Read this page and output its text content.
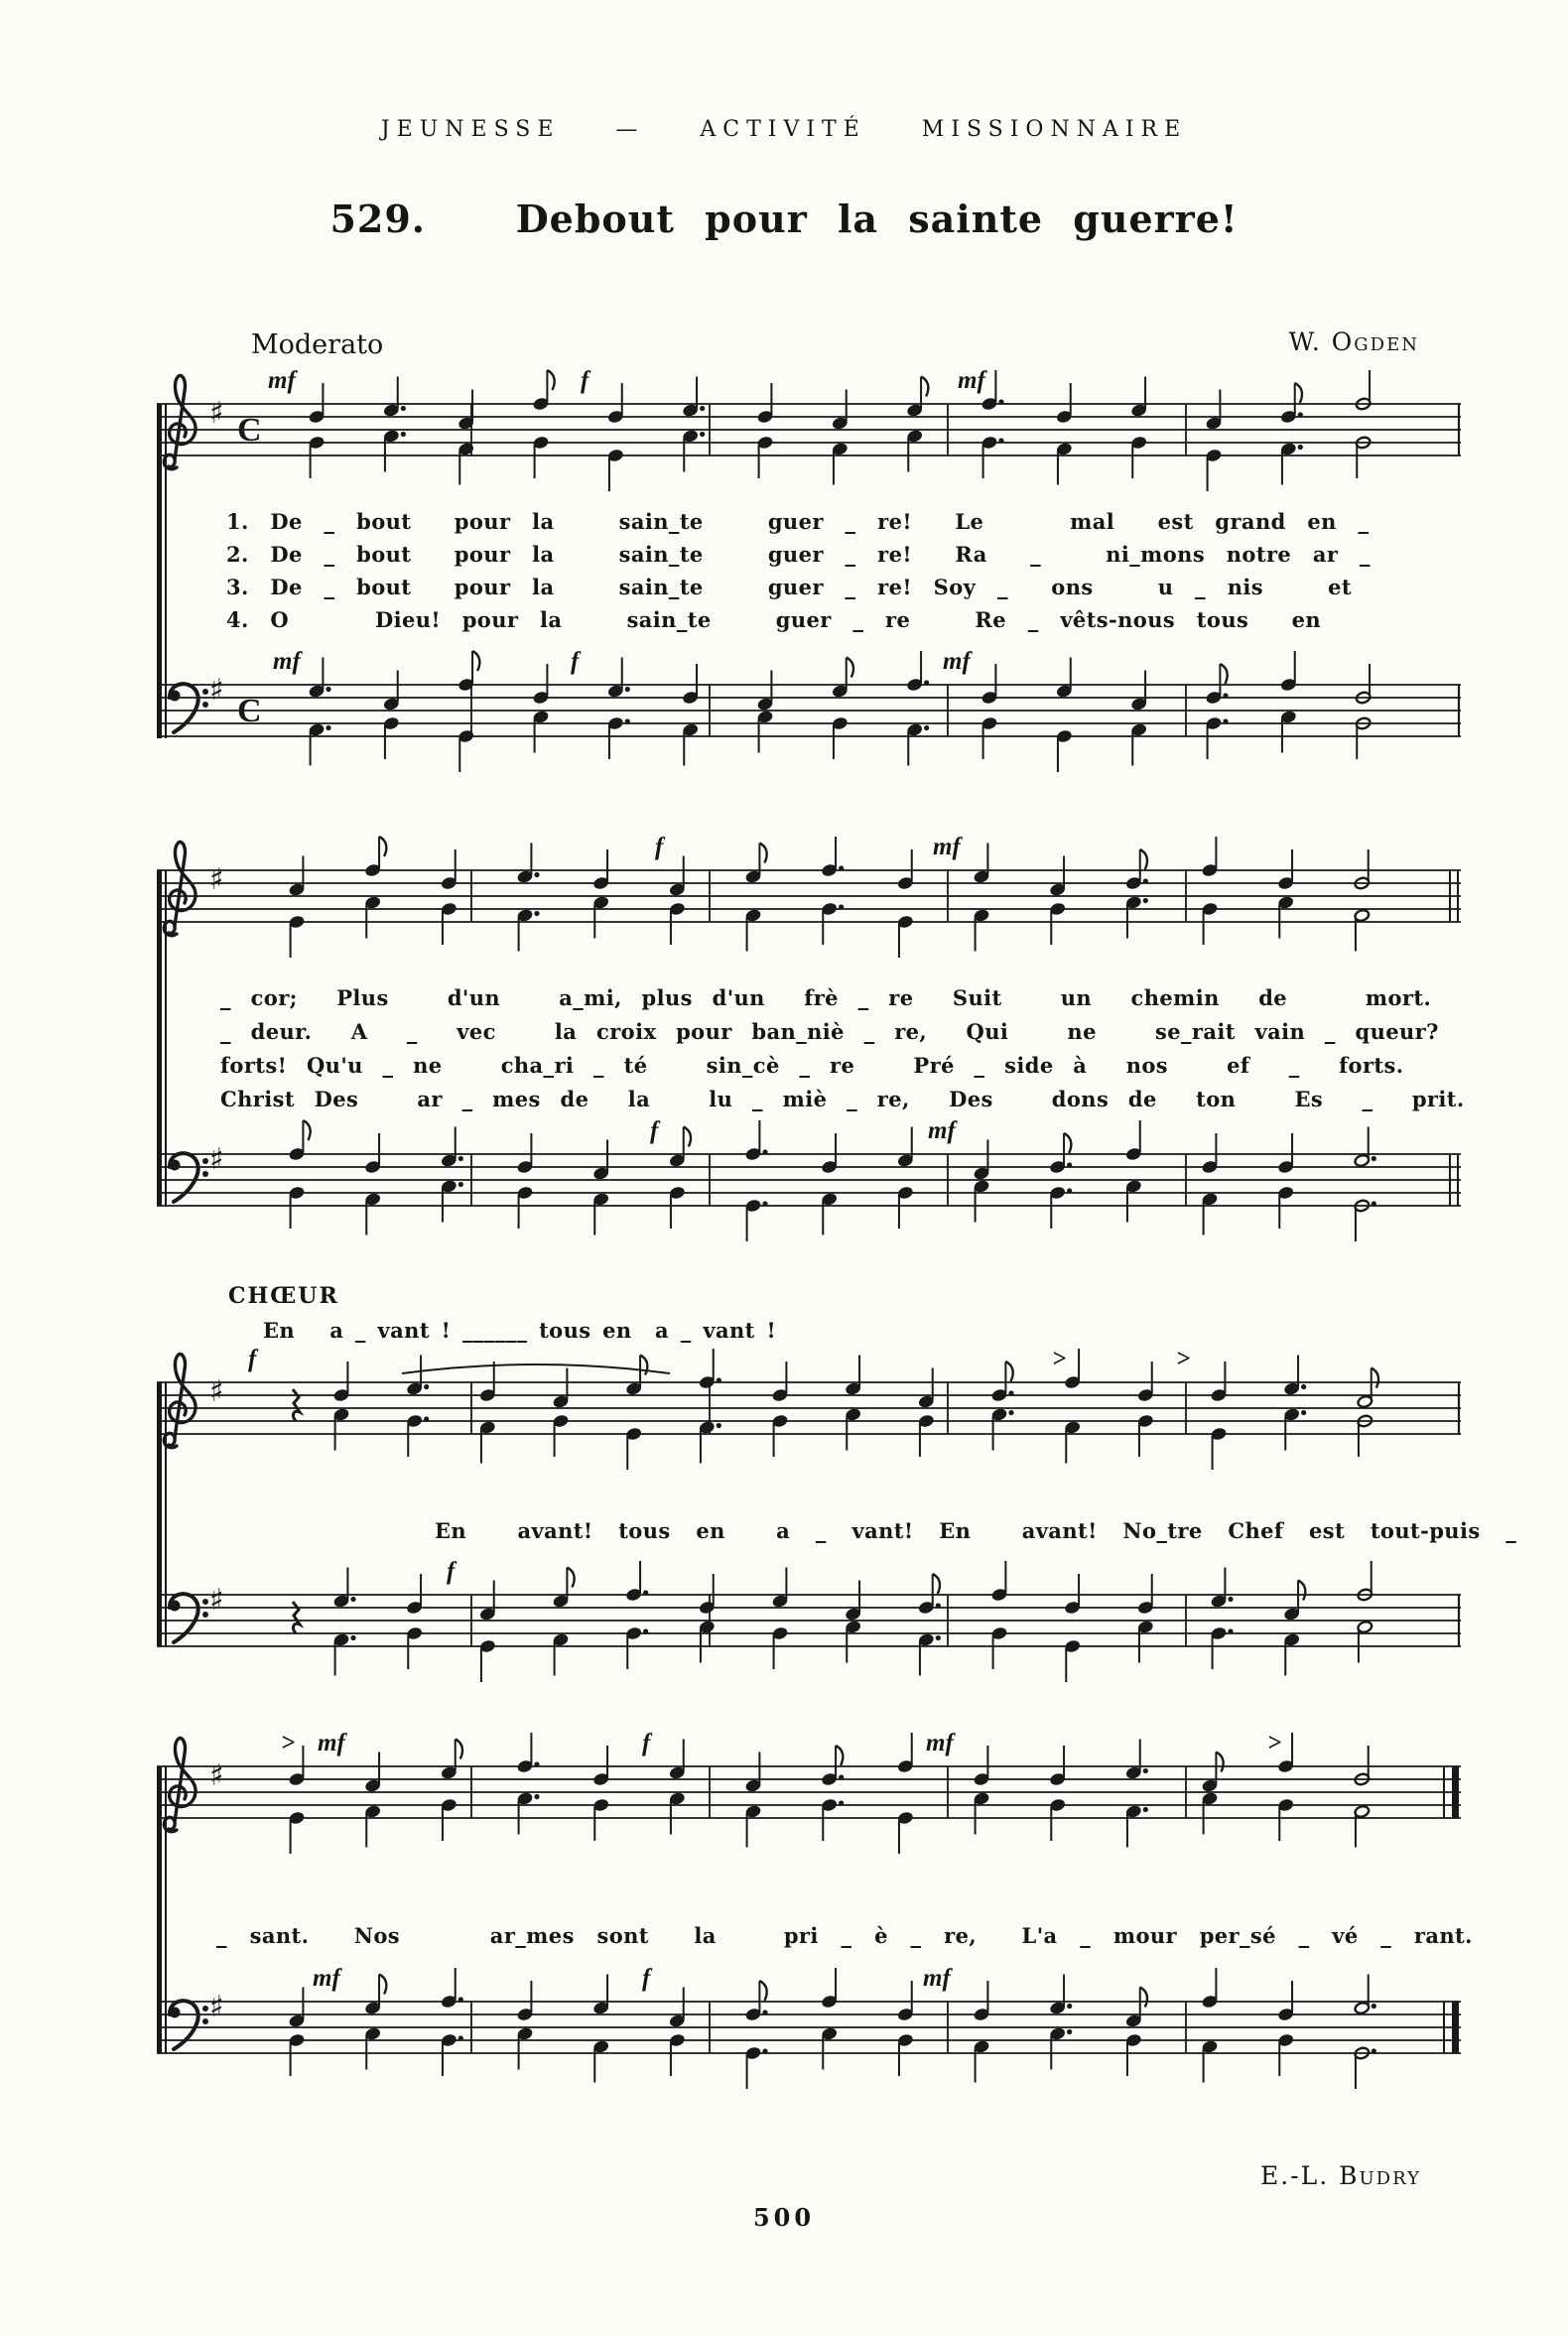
JEUNESSE  —  ACTIVITÉ  MISSIONNAIRE
529. Debout pour la sainte guerre!
Moderato	W. Ogden
mf	f	mf
♯ C
1. De _ bout  pour la   sain_te   guer _ re!  Le    mal  est grand en _
2. De _ bout  pour la   sain_te   guer _ re!  Ra  _   ni_mons notre ar _
3. De _ bout  pour la   sain_te   guer _ re! Soy _  ons   u _ nis   et
4. O    Dieu! pour la   sain_te   guer _ re   Re _ vêts-nous tous  en
mf	f	mf
♯
C
f	mf
♯
_ cor;  Plus   d'un   a_mi, plus d'un  frè _ re  Suit   un  chemin  de    mort.
_ deur.  A  _  vec   la croix pour ban_niè _ re,  Qui   ne   se_rait vain _ queur?
forts! Qu'u _ ne   cha_ri _ té   sin_cè _ re   Pré _ side à  nos   ef  _  forts.
Christ Des   ar _ mes de  la   lu _ miè _ re,  Des   dons de  ton   Es  _  prit.
f	mf
♯
CHŒUR
En   a _ vant ! ______ tous en  a _ vant !
f	>	>
♯
En  avant! tous en  a _ vant! En  avant! No_tre Chef est tout-puis _
f
♯
> mf	f	mf	>
♯
_ sant.  Nos    ar_mes sont  la   pri _ è _ re,  L'a _ mour per_sé _ vé _ rant.
mf	f	mf
♯
E.-L. Budry
500
